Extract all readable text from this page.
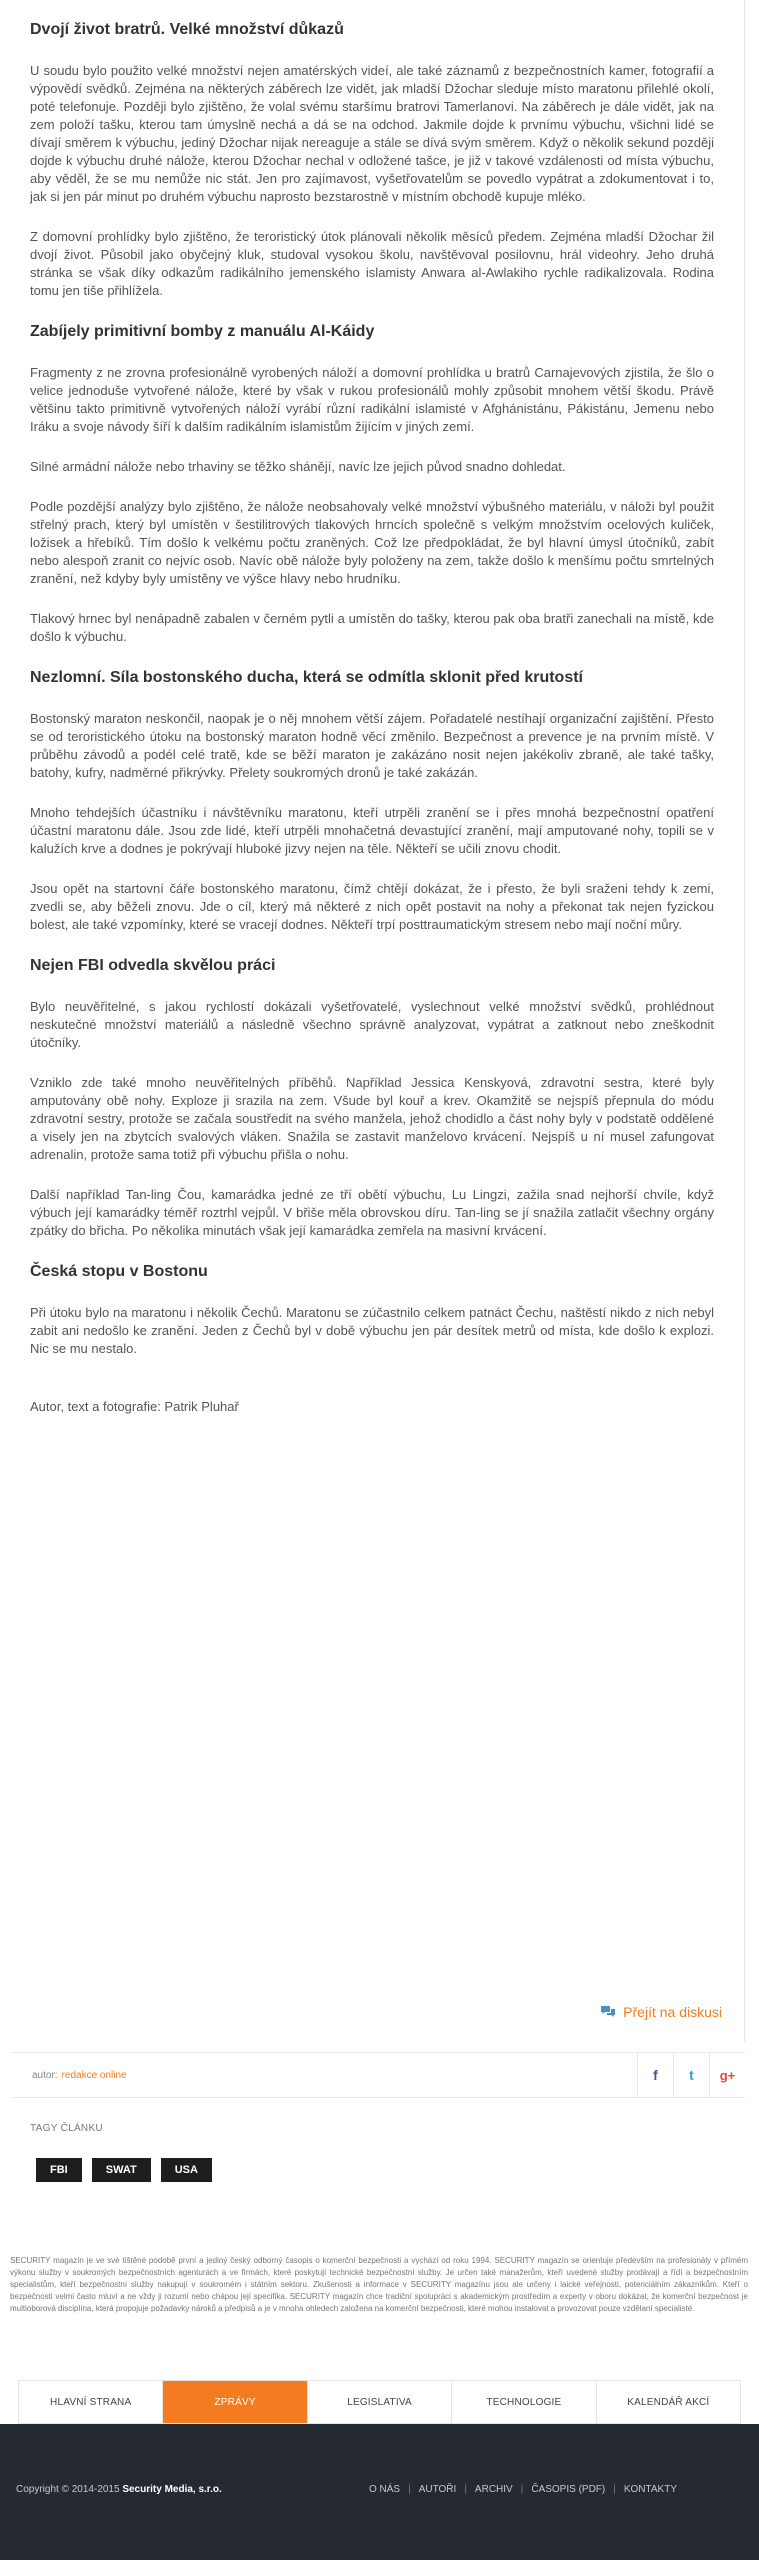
Dvojí život bratrů. Velké množství důkazů

U soudu bylo použito velké množství nejen amatérských videí, ale také záznamů z bezpečnostních kamer, fotografií a výpovědí svědků. Zejména na některých záběrech lze vidět, jak mladší Džochar sleduje místo maratonu přilehlé okolí, poté telefonuje. Později bylo zjištěno, že volal svému staršímu bratrovi Tamerlanovi. Na záběrech je dále vidět, jak na zem položí tašku, kterou tam úmyslně nechá a dá se na odchod. Jakmile dojde k prvnímu výbuchu, všichni lidé se dívají směrem k výbuchu, jediný Džochar nijak nereaguje a stále se dívá svým směrem. Když o několik sekund později dojde k výbuchu druhé nálože, kterou Džochar nechal v odložené tašce, je již v takové vzdálenosti od místa výbuchu, aby věděl, že se mu nemůže nic stát. Jen pro zajímavost, vyšetřovatelům se povedlo vypátrat a zdokumentovat i to, jak si jen pár minut po druhém výbuchu naprosto bezstarostně v místním obchodě kupuje mléko.

Z domovní prohlídky bylo zjištěno, že teroristický útok plánovali několik měsíců předem. Zejména mladší Džochar žil dvojí život. Působil jako obyčejný kluk, studoval vysokou školu, navštěvoval posilovnu, hrál videohry. Jeho druhá stránka se však díky odkazům radikálního jemenského islamisty Anwara al-Awlakiho rychle radikalizovala. Rodina tomu jen tiše přihlížela.

Zabíjely primitivní bomby z manuálu Al-Káidy

Fragmenty z ne zrovna profesionálně vyrobených náloží a domovní prohlídka u bratrů Carnajevových zjistila, že šlo o velice jednoduše vytvořené nálože, které by však v rukou profesionálů mohly způsobit mnohem větší škodu. Právě většinu takto primitivně vytvořených náloží vyrábí různí radikální islamisté v Afghánistánu, Pákistánu, Jemenu nebo Iráku a svoje návody šíří k dalším radikálním islamistům žijícím v jiných zemí.

Silné armádní nálože nebo trhaviny se těžko shánějí, navíc lze jejich původ snadno dohledat.

Podle pozdější analýzy bylo zjištěno, že nálože neobsahovaly velké množství výbušného materiálu, v náloži byl použit střelný prach, který byl umístěn v šestilitrových tlakových hrncích společně s velkým množstvím ocelových kuliček, ložisek a hřebíků. Tím došlo k velkému počtu zraněných. Což lze předpokládat, že byl hlavní úmysl útočníků, zabít nebo alespoň zranit co nejvíc osob. Navíc obě nálože byly položeny na zem, takže došlo k menšímu počtu smrtelných zranění, než kdyby byly umístěny ve výšce hlavy nebo hrudníku.

Tlakový hrnec byl nenápadně zabalen v černém pytli a umístěn do tašky, kterou pak oba bratři zanechali na místě, kde došlo k výbuchu.

Nezlomní. Síla bostonského ducha, která se odmítla sklonit před krutostí

Bostonský maraton neskončil, naopak je o něj mnohem větší zájem. Pořadatelé nestíhají organizační zajištění. Přesto se od teroristického útoku na bostonský maraton hodně věcí změnilo. Bezpečnost a prevence je na prvním místě. V průběhu závodů a podél celé tratě, kde se běží maraton je zakázáno nosit nejen jakékoliv zbraně, ale také tašky, batohy, kufry, nadměrné přikrývky. Přelety soukromých dronů je také zakázán.

Mnoho tehdejších účastníku i návštěvníku maratonu, kteří utrpěli zranění se i přes mnohá bezpečnostní opatření účastní maratonu dále. Jsou zde lidé, kteří utrpěli mnohačetná devastující zranění, mají amputované nohy, topili se v kalužích krve a dodnes je pokrývají hluboké jizvy nejen na těle. Někteří se učili znovu chodit.

Jsou opět na startovní čáře bostonského maratonu, čímž chtějí dokázat, že i přesto, že byli sraženi tehdy k zemi, zvedli se, aby běželi znovu. Jde o cíl, který má některé z nich opět postavit na nohy a překonat tak nejen fyzickou bolest, ale také vzpomínky, které se vracejí dodnes. Někteří trpí posttraumatickým stresem nebo mají noční můry.

Nejen FBI odvedla skvělou práci

Bylo neuvěřitelné, s jakou rychlostí dokázali vyšetřovatelé, vyslechnout velké množství svědků, prohlédnout neskutečné množství materiálů a následně všechno správně analyzovat, vypátrat a zatknout nebo zneškodnit útočníky.

Vzniklo zde také mnoho neuvěřitelných příběhů. Například Jessica Kenskyová, zdravotní sestra, které byly amputovány obě nohy. Exploze ji srazila na zem. Všude byl kouř a krev. Okamžitě se nejspíš přepnula do módu zdravotní sestry, protože se začala soustředit na svého manžela, jehož chodidlo a část nohy byly v podstatě oddělené a visely jen na zbytcích svalových vláken. Snažila se zastavit manželovo krvácení. Nejspíš u ní musel zafungovat adrenalin, protože sama totiž při výbuchu přišla o nohu.

Další například Tan-ling Čou, kamarádka jedné ze tří obětí výbuchu, Lu Lingzi, zažila snad nejhorší chvíle, když výbuch její kamarádky téměř roztrhl vejpůl. V břiše měla obrovskou díru. Tan-ling se jí snažila zatlačit všechny orgány zpátky do břicha. Po několika minutách však její kamarádka zemřela na masivní krvácení.

Česká stopu v Bostonu

Při útoku bylo na maratonu i několik Čechů. Maratonu se zúčastnilo celkem patnáct Čechu, naštěstí nikdo z nich nebyl zabit ani nedošlo ke zranění. Jeden z Čechů byl v době výbuchu jen pár desítek metrů od místa, kde došlo k explozi. Nic se mu nestalo.

Autor, text a fotografie: Patrik Pluhař

Přejít na diskusi
autor: redakce online	f t g+
TAGY ČLÁNKU
FBI	SWAT	USA
SECURITY magazín je ve své tištěné podobě první a jediný český odborný časopis o komerční bezpečnosti a vychází od roku 1994. SECURITY magazín se orientuje především na profesionály v přímém výkonu služby v soukromých bezpečnostních agenturách a ve firmách, které poskytují technické bezpečnostní služby. Je určen také manažerům, kteří uvedené služby prodávají a řídí a bezpečnostním specialistům, kteří bezpečnostní služby nakupují v soukromém i státním sektoru. Zkušenosti a informace v SECURITY magazínu jsou ale určeny i laické veřejnosti, potenciálním zákazníkům. Kteří o bezpečnosti velmi často mluví a ne vždy ji rozumí nebo chápou její specifika. SECURITY magazín chce tradiční spolupráci s akademickým prostředím a experty v oboru dokázat, že komerční bezpečnost je multioborová disciplína, která propojuje požadavky nároků a předpisů a je v mnoha ohledech založena na komerční bezpečnosti, které mohou instalovat a provozovat pouze vzdělaní specialisté.
HLAVNÍ STRANA	ZPRÁVY	LEGISLATIVA	TECHNOLOGIE	KALENDÁŘ AKCÍ
Copyright © 2014-2015 Security Media, s.r.o.	O NÁS | AUTOŘI | ARCHIV | ČASOPIS (PDF) | KONTAKTY
